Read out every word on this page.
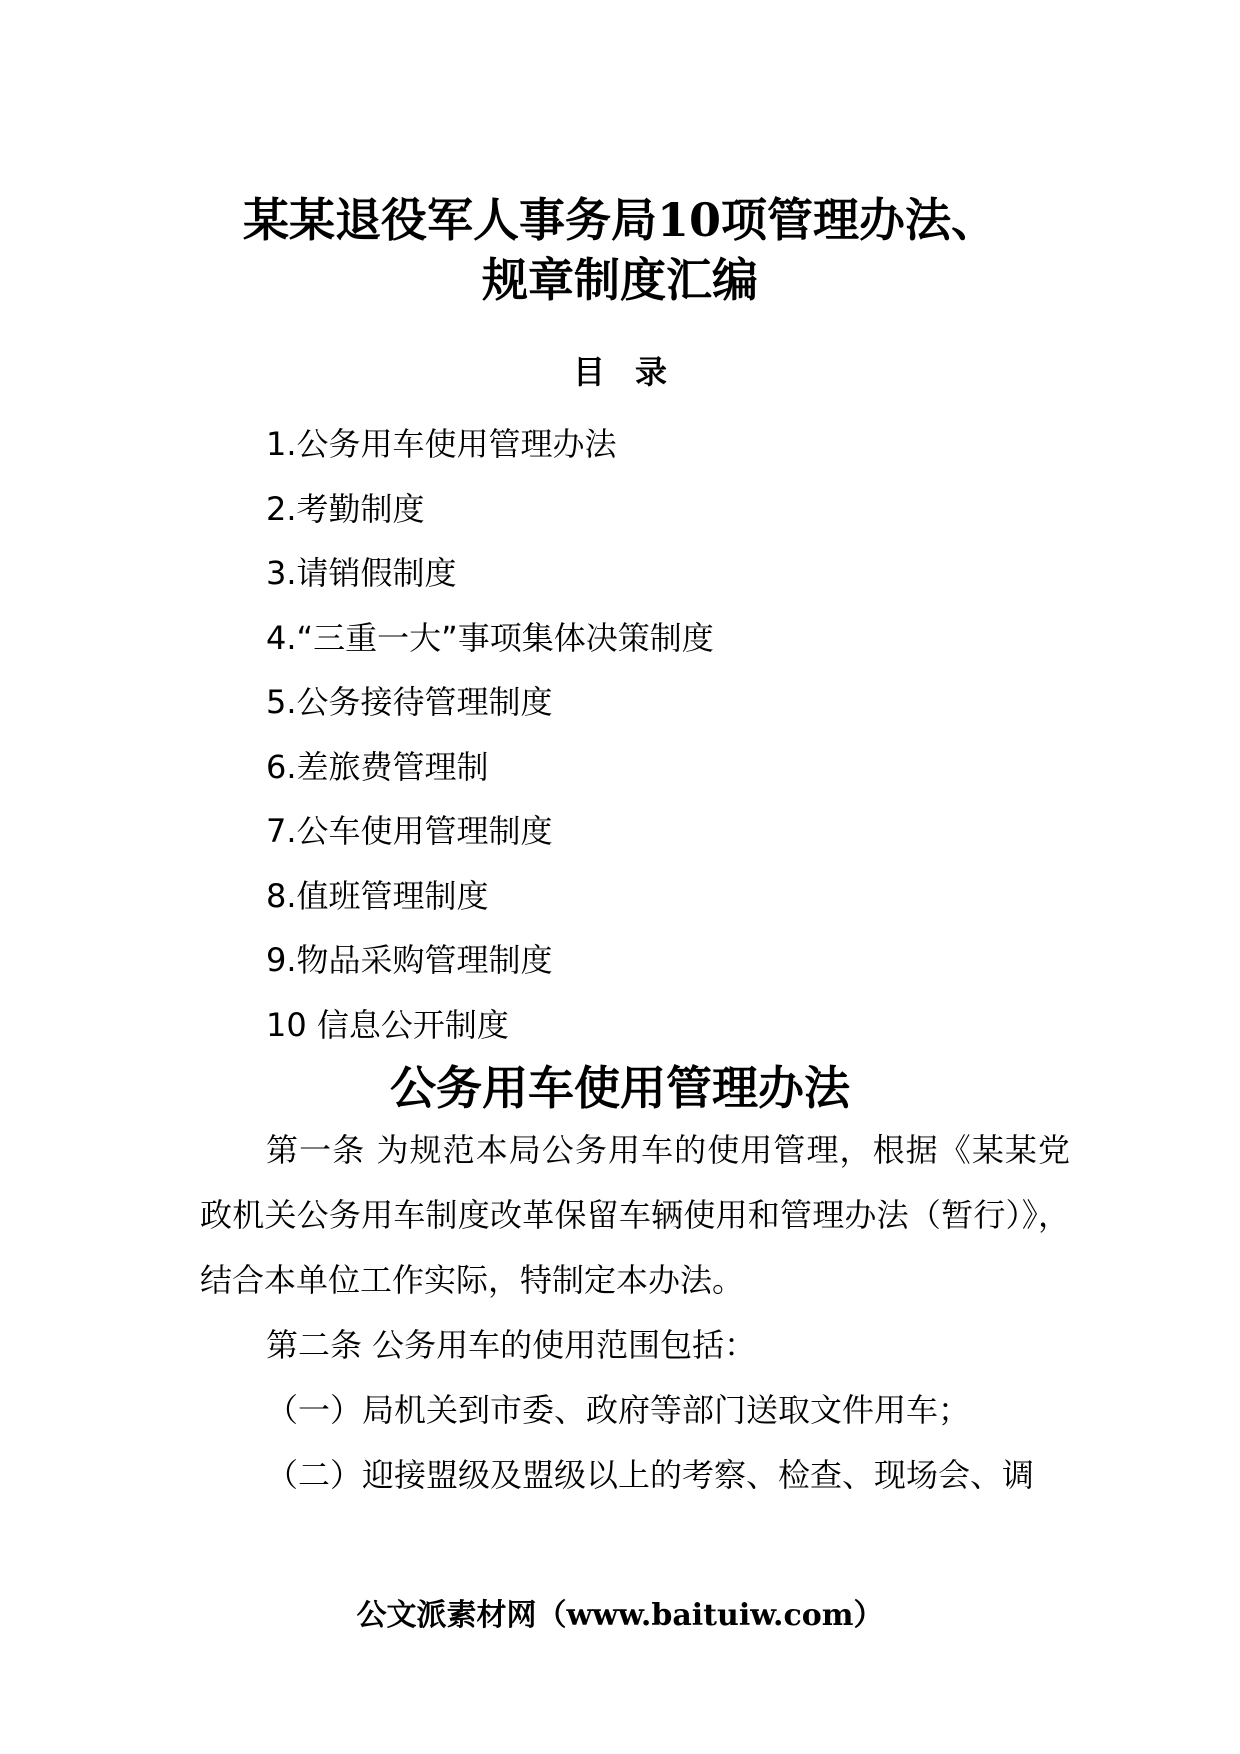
某某退役军人事务局10项管理办法、
规章制度汇编
目录
1.公务用车使用管理办法
2.考勤制度
3.请销假制度
4.“三重一大”事项集体决策制度
5.公务接待管理制度
6.差旅费管理制
7.公车使用管理制度
8.值班管理制度
9.物品采购管理制度
10 信息公开制度
公务用车使用管理办法

第一条 为规范本局公务用车的使用管理，根据《某某党政机关公务用车制度改革保留车辆使用和管理办法（暂行）》，结合本单位工作实际，特制定本办法。

第二条 公务用车的使用范围包括：

（一）局机关到市委、政府等部门送取文件用车；

（二）迎接盟级及盟级以上的考察、检查、现场会、调

公文派素材网（www.baituiw.com）
